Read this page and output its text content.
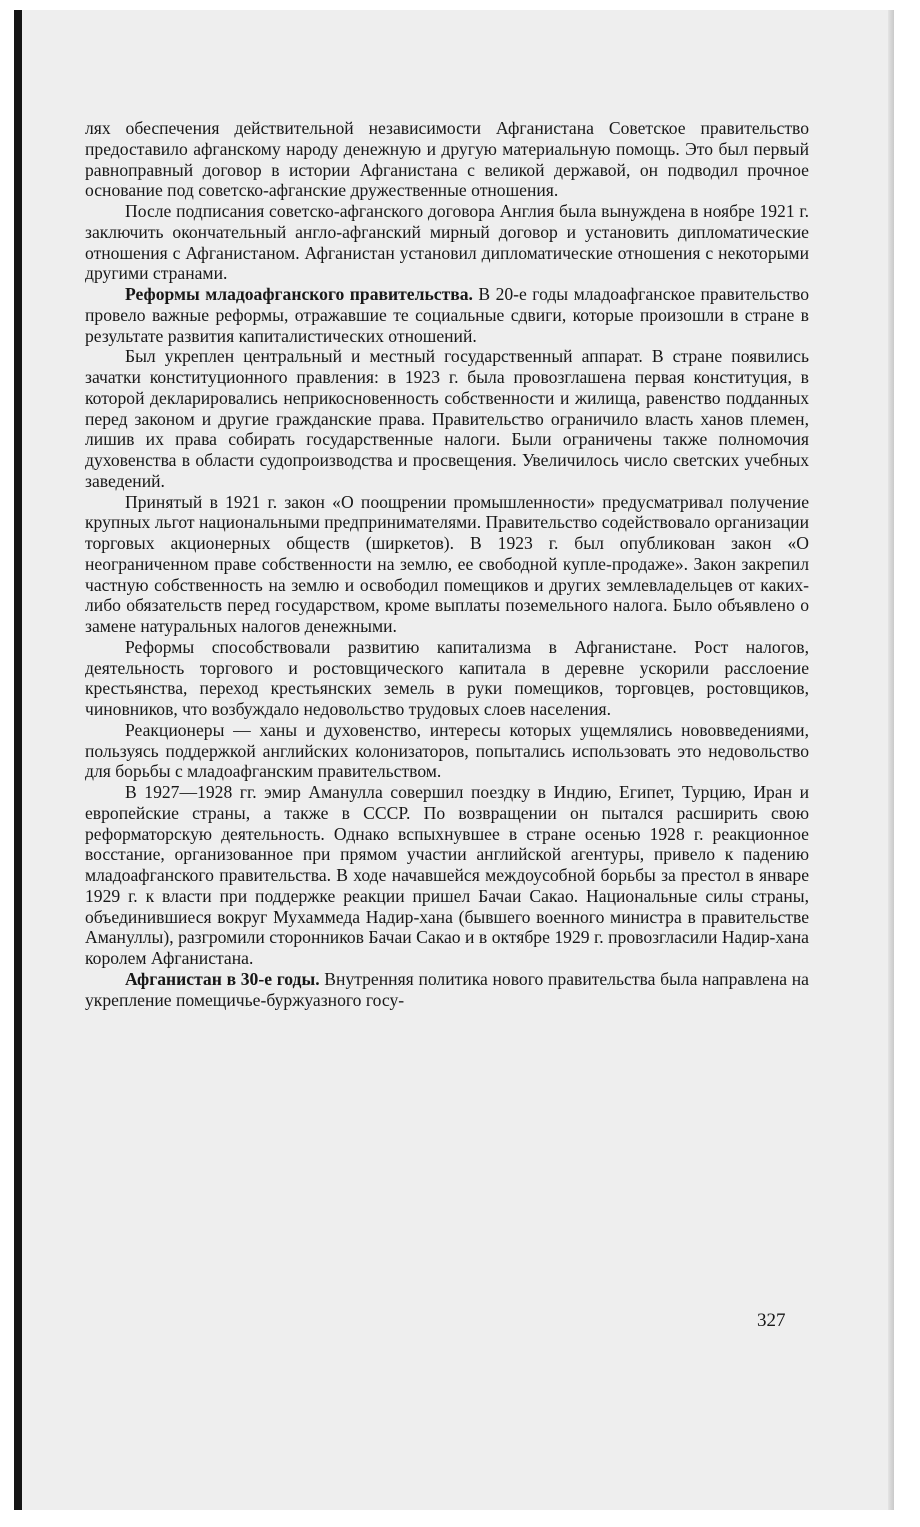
лях обеспечения действительной независимости Афганистана Советское правительство предоставило афганскому народу денежную и другую материальную помощь. Это был первый равноправный договор в истории Афганистана с великой державой, он подводил прочное основание под советско-афганские дружественные отношения.

После подписания советско-афганского договора Англия была вынуждена в ноябре 1921 г. заключить окончательный англо-афганский мирный договор и установить дипломатические отношения с Афганистаном. Афганистан установил дипломатические отношения с некоторыми другими странами.

Реформы младоафганского правительства. В 20-е годы младоафганское правительство провело важные реформы, отражавшие те социальные сдвиги, которые произошли в стране в результате развития капиталистических отношений.

Был укреплен центральный и местный государственный аппарат. В стране появились зачатки конституционного правления: в 1923 г. была провозглашена первая конституция, в которой декларировались неприкосновенность собственности и жилища, равенство подданных перед законом и другие гражданские права. Правительство ограничило власть ханов племен, лишив их права собирать государственные налоги. Были ограничены также полномочия духовенства в области судопроизводства и просвещения. Увеличилось число светских учебных заведений.

Принятый в 1921 г. закон «О поощрении промышленности» предусматривал получение крупных льгот национальными предпринимателями. Правительство содействовало организации торговых акционерных обществ (ширкетов). В 1923 г. был опубликован закон «О неограниченном праве собственности на землю, ее свободной купле-продаже». Закон закрепил частную собственность на землю и освободил помещиков и других землевладельцев от каких-либо обязательств перед государством, кроме выплаты поземельного налога. Было объявлено о замене натуральных налогов денежными.

Реформы способствовали развитию капитализма в Афганистане. Рост налогов, деятельность торгового и ростовщического капитала в деревне ускорили расслоение крестьянства, переход крестьянских земель в руки помещиков, торговцев, ростовщиков, чиновников, что возбуждало недовольство трудовых слоев населения.

Реакционеры — ханы и духовенство, интересы которых ущемлялись нововведениями, пользуясь поддержкой английских колонизаторов, попытались использовать это недовольство для борьбы с младоафганским правительством.

В 1927—1928 гг. эмир Аманулла совершил поездку в Индию, Египет, Турцию, Иран и европейские страны, а также в СССР. По возвращении он пытался расширить свою реформаторскую деятельность. Однако вспыхнувшее в стране осенью 1928 г. реакционное восстание, организованное при прямом участии английской агентуры, привело к падению младоафганского правительства. В ходе начавшейся междоусобной борьбы за престол в январе 1929 г. к власти при поддержке реакции пришел Бачаи Сакао. Национальные силы страны, объединившиеся вокруг Мухаммеда Надир-хана (бывшего военного министра в правительстве Амануллы), разгромили сторонников Бачаи Сакао и в октябре 1929 г. провозгласили Надир-хана королем Афганистана.

Афганистан в 30-е годы. Внутренняя политика нового правительства была направлена на укрепление помещичье-буржуазного госу-

327
